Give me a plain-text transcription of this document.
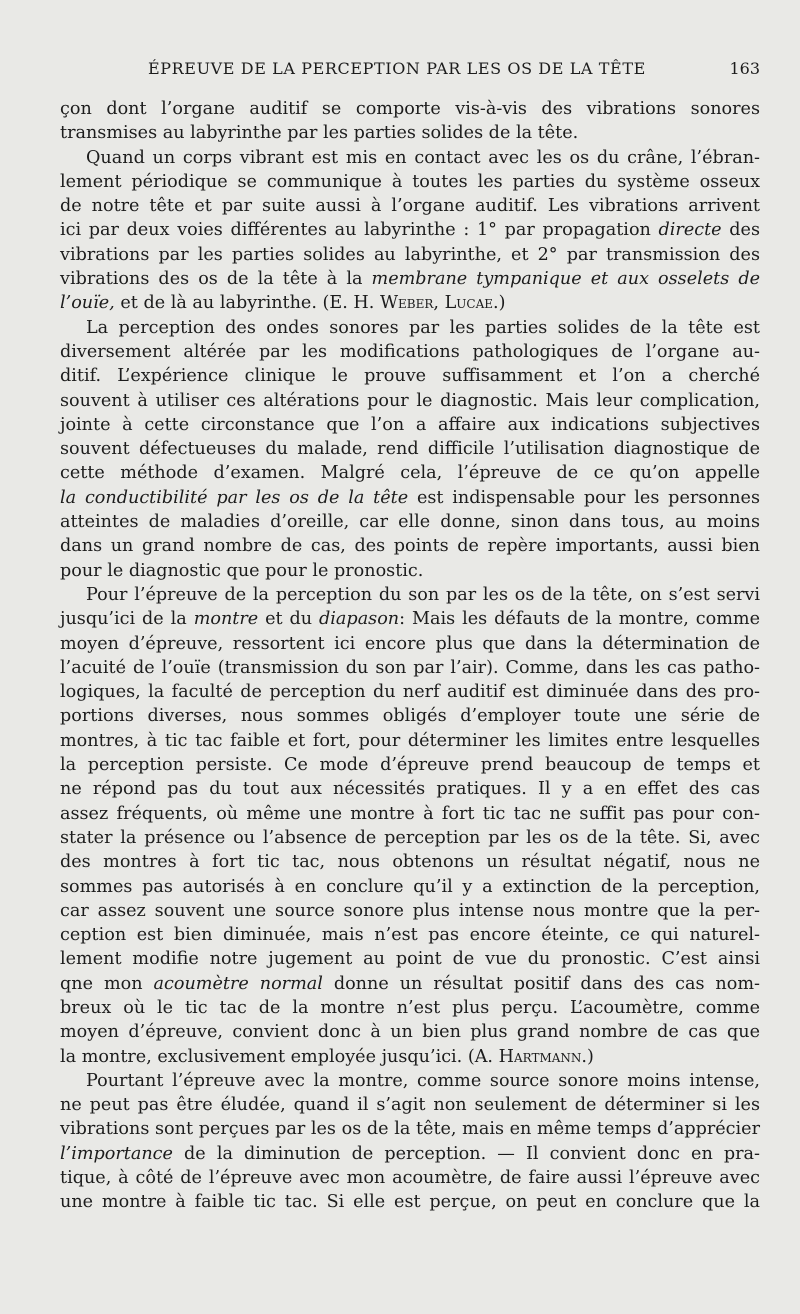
ÉPREUVE DE LA PERCEPTION PAR LES OS DE LA TÊTE	163
çon dont l’organe auditif se comporte vis-à-vis des vibrations sonores
transmises au labyrinthe par les parties solides de la tête.
Quand un corps vibrant est mis en contact avec les os du crâne, l’ébran-
lement périodique se communique à toutes les parties du système osseux
de notre tête et par suite aussi à l’organe auditif. Les vibrations arrivent
ici par deux voies différentes au labyrinthe : 1° par propagation directe des
vibrations par les parties solides au labyrinthe, et 2° par transmission des
vibrations des os de la tête à la membrane tympanique et aux osselets de
l’ouïe, et de là au labyrinthe. (E. H. Weber, Lucae.)
La perception des ondes sonores par les parties solides de la tête est
diversement altérée par les modifications pathologiques de l’organe au-
ditif. L’expérience clinique le prouve suffisamment et l’on a cherché
souvent à utiliser ces altérations pour le diagnostic. Mais leur complication,
jointe à cette circonstance que l’on a affaire aux indications subjectives
souvent défectueuses du malade, rend difficile l’utilisation diagnostique de
cette méthode d’examen. Malgré cela, l’épreuve de ce qu’on appelle
la conductibilité par les os de la tête est indispensable pour les personnes
atteintes de maladies d’oreille, car elle donne, sinon dans tous, au moins
dans un grand nombre de cas, des points de repère importants, aussi bien
pour le diagnostic que pour le pronostic.
Pour l’épreuve de la perception du son par les os de la tête, on s’est servi
jusqu’ici de la montre et du diapason: Mais les défauts de la montre, comme
moyen d’épreuve, ressortent ici encore plus que dans la détermination de
l’acuité de l’ouïe (transmission du son par l’air). Comme, dans les cas patho-
logiques, la faculté de perception du nerf auditif est diminuée dans des pro-
portions diverses, nous sommes obligés d’employer toute une série de
montres, à tic tac faible et fort, pour déterminer les limites entre lesquelles
la perception persiste. Ce mode d’épreuve prend beaucoup de temps et
ne répond pas du tout aux nécessités pratiques. Il y a en effet des cas
assez fréquents, où même une montre à fort tic tac ne suffit pas pour con-
stater la présence ou l’absence de perception par les os de la tête. Si, avec
des montres à fort tic tac, nous obtenons un résultat négatif, nous ne
sommes pas autorisés à en conclure qu’il y a extinction de la perception,
car assez souvent une source sonore plus intense nous montre que la per-
ception est bien diminuée, mais n’est pas encore éteinte, ce qui naturel-
lement modifie notre jugement au point de vue du pronostic. C’est ainsi
qne mon acoumètre normal donne un résultat positif dans des cas nom-
breux où le tic tac de la montre n’est plus perçu. L’acoumètre, comme
moyen d’épreuve, convient donc à un bien plus grand nombre de cas que
la montre, exclusivement employée jusqu’ici. (A. Hartmann.)
Pourtant l’épreuve avec la montre, comme source sonore moins intense,
ne peut pas être éludée, quand il s’agit non seulement de déterminer si les
vibrations sont perçues par les os de la tête, mais en même temps d’apprécier
l’importance de la diminution de perception. — Il convient donc en pra-
tique, à côté de l’épreuve avec mon acoumètre, de faire aussi l’épreuve avec
une montre à faible tic tac. Si elle est perçue, on peut en conclure que la
